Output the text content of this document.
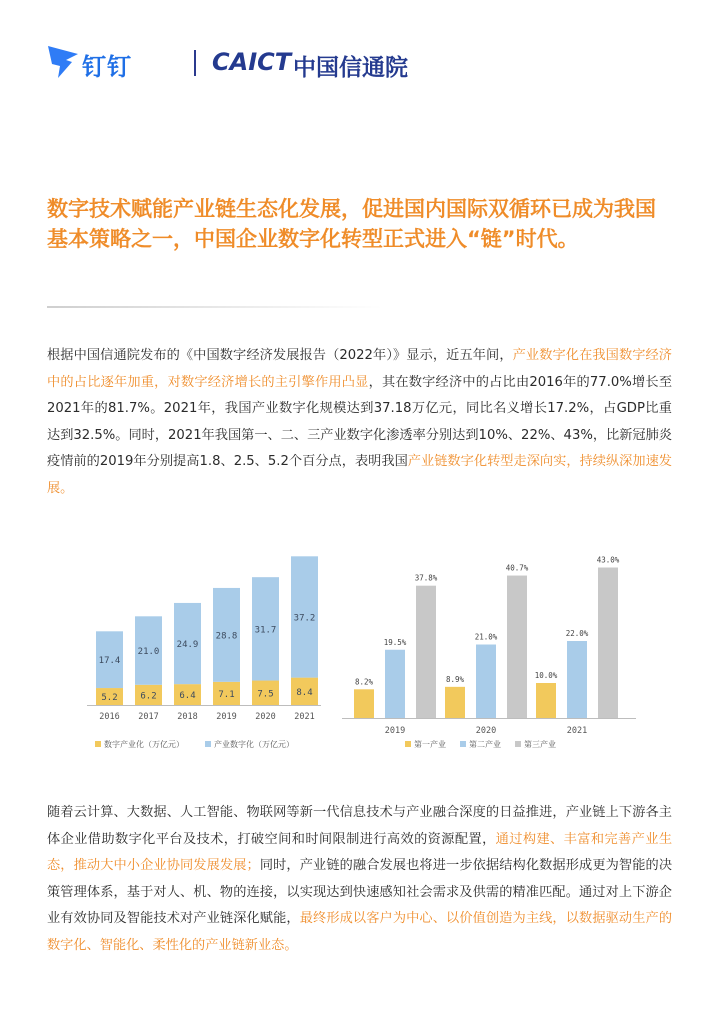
钉钉	CAICT 中国信通院
数字技术赋能产业链生态化发展，促进国内国际双循环已成为我国基本策略之一，中国企业数字化转型正式进入“链”时代。

根据中国信通院发布的《中国数字经济发展报告（2022年）》显示，近五年间，产业数字化在我国数字经济中的占比逐年加重，对数字经济增长的主引擎作用凸显，其在数字经济中的占比由2016年的77.0%增长至2021年的81.7%。2021年，我国产业数字化规模达到37.18万亿元，同比名义增长17.2%，占GDP比重达到32.5%。同时，2021年我国第一、二、三产业数字化渗透率分别达到10%、22%、43%，比新冠肺炎疫情前的2019年分别提高1.8、2.5、5.2个百分点，表明我国产业链数字化转型走深向实，持续纵深加速发展。

5.2
17.4
2016
6.2
21.0
2017
6.4
24.9
2018
7.1
28.8
2019
7.5
31.7
2020
8.4
37.2
2021
数字产业化（万亿元）	产业数字化（万亿元）
8.2%
19.5%
37.8%
2019
8.9%
21.0%
40.7%
2020
10.0%
22.0%
43.0%
2021
第一产业	第二产业	第三产业

随着云计算、大数据、人工智能、物联网等新一代信息技术与产业融合深度的日益推进，产业链上下游各主体企业借助数字化平台及技术，打破空间和时间限制进行高效的资源配置，通过构建、丰富和完善产业生态，推动大中小企业协同发展发展；同时，产业链的融合发展也将进一步依据结构化数据形成更为智能的决策管理体系，基于对人、机、物的连接，以实现达到快速感知社会需求及供需的精准匹配。通过对上下游企业有效协同及智能技术对产业链深化赋能，最终形成以客户为中心、以价值创造为主线，以数据驱动生产的数字化、智能化、柔性化的产业链新业态。
